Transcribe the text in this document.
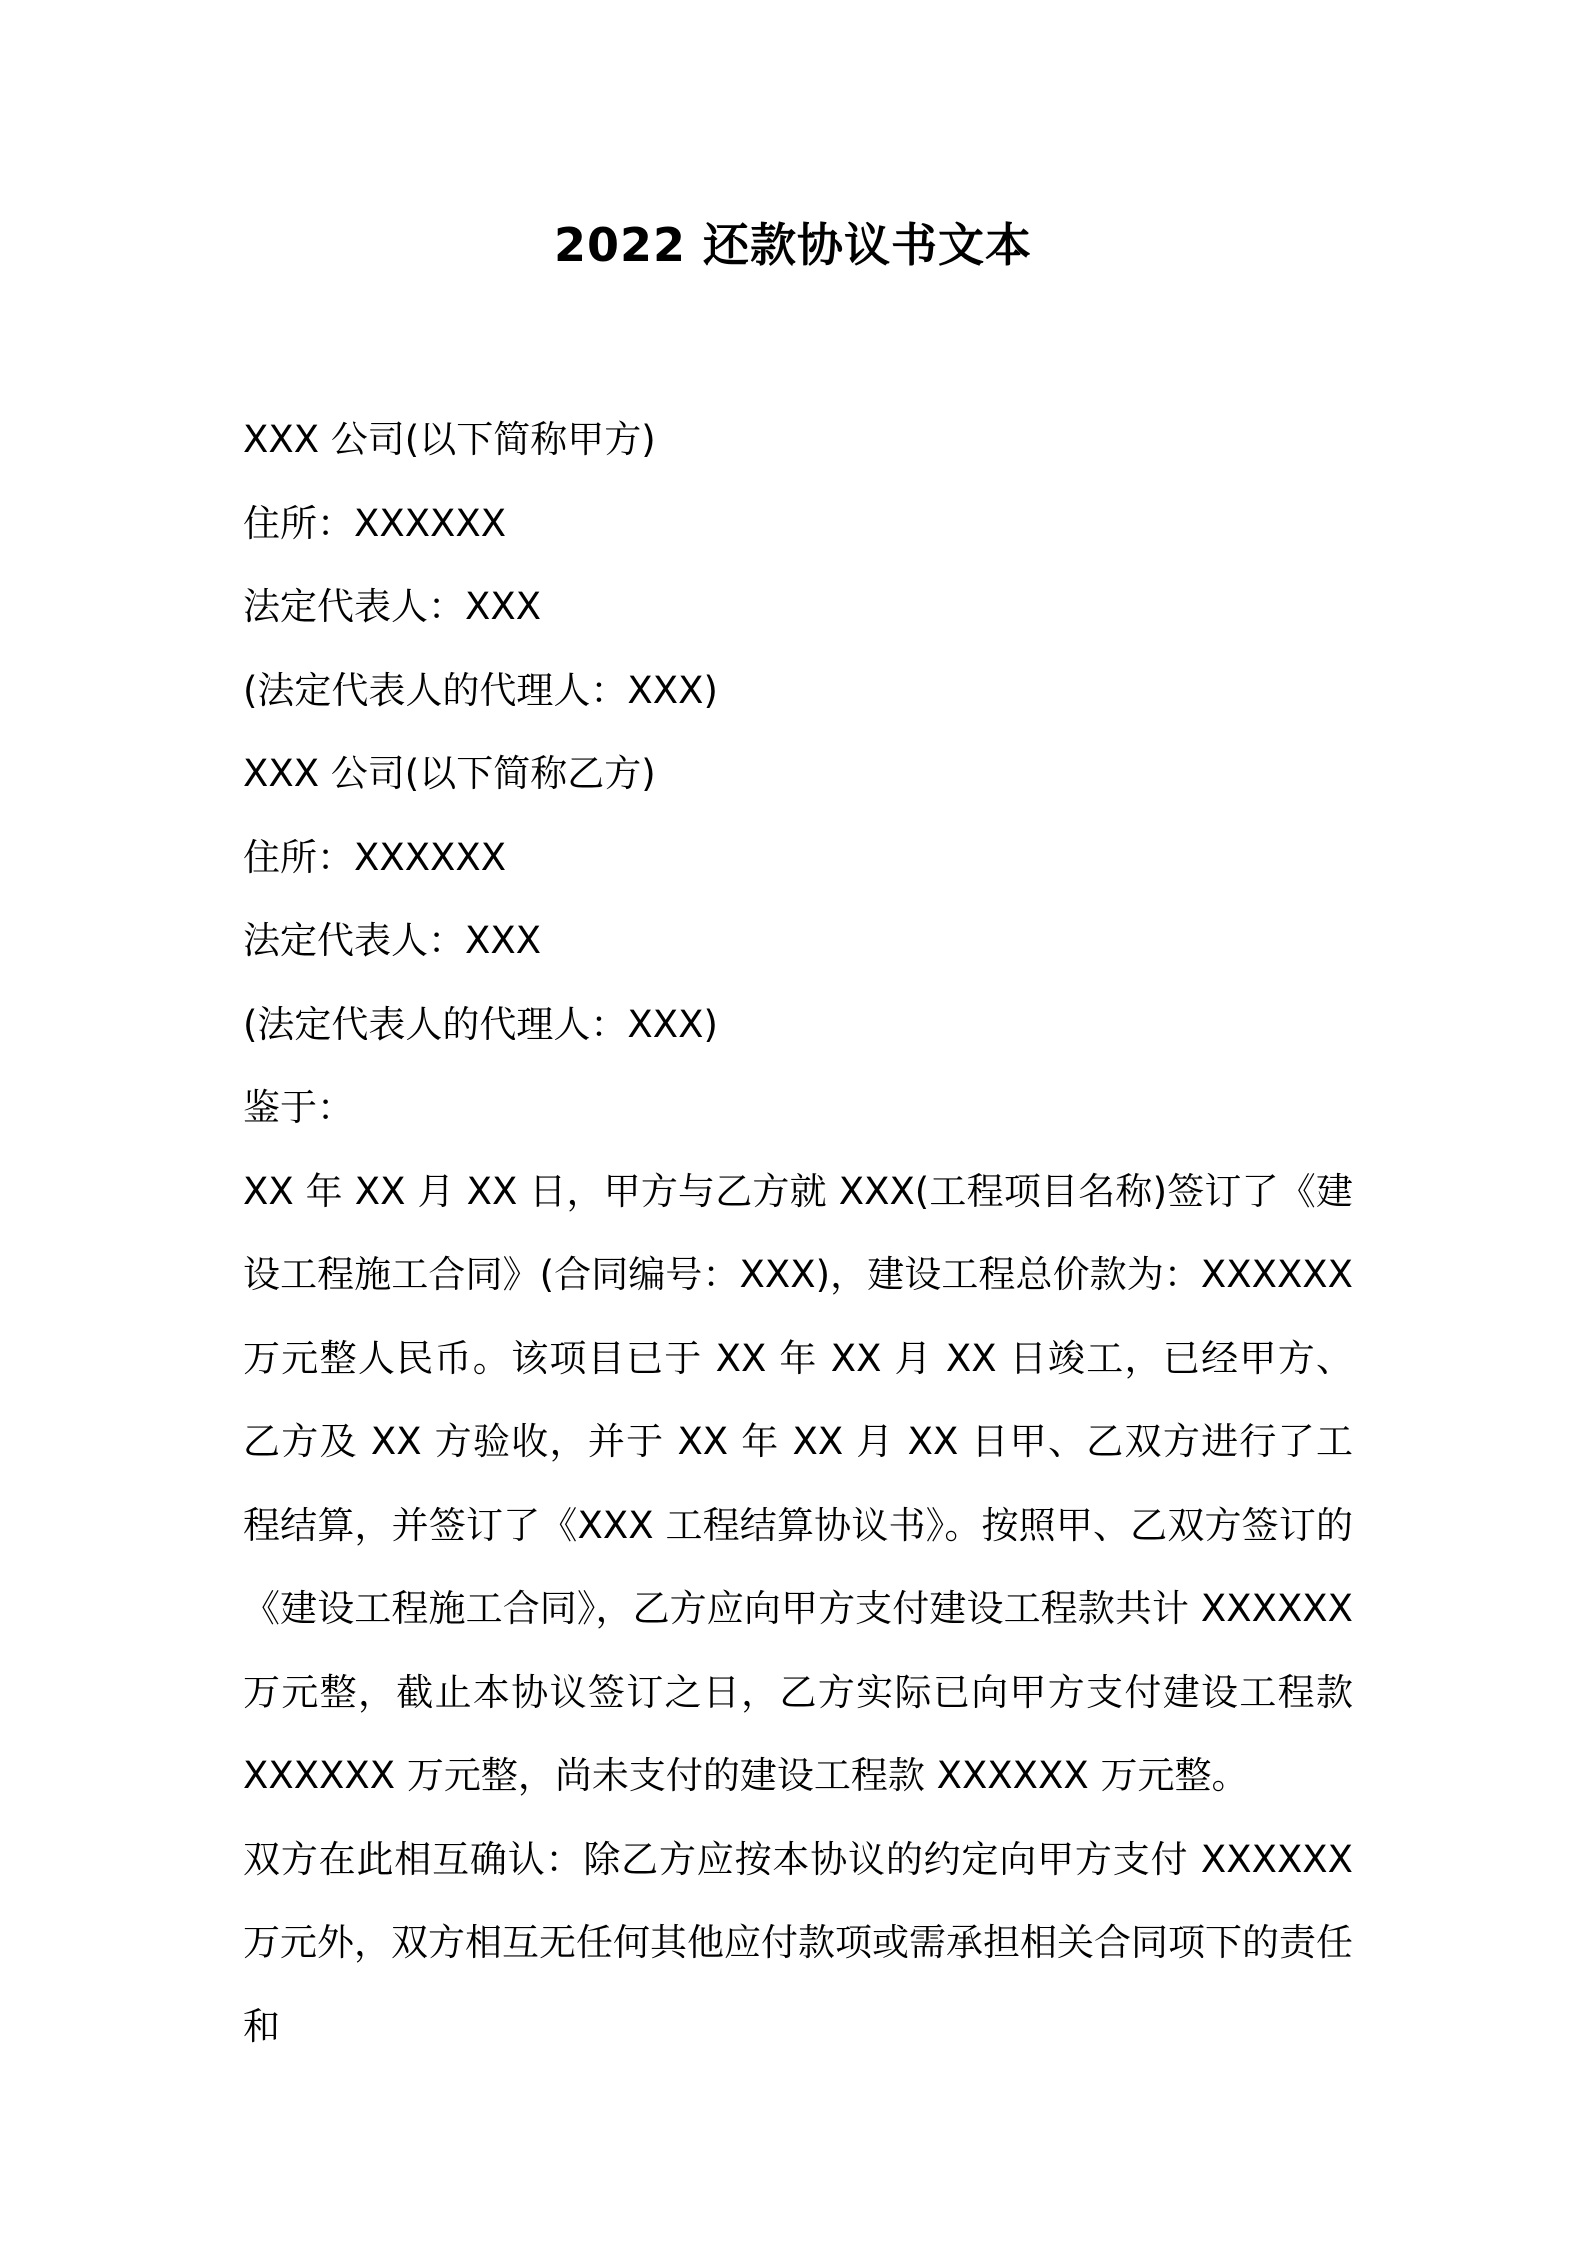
2022 还款协议书文本
XXX 公司(以下简称甲方)
住所：XXXXXX
法定代表人：XXX
(法定代表人的代理人：XXX)
XXX 公司(以下简称乙方)
住所：XXXXXX
法定代表人：XXX
(法定代表人的代理人：XXX)
鉴于：
XX 年 XX 月 XX 日，甲方与乙方就 XXX(工程项目名称)签订了《建设工程施工合同》(合同编号：XXX)，建设工程总价款为：XXXXXX 万元整人民币。该项目已于 XX 年 XX 月 XX 日竣工，已经甲方、乙方及 XX 方验收，并于 XX 年 XX 月 XX 日甲、乙双方进行了工程结算，并签订了《XXX 工程结算协议书》。按照甲、乙双方签订的《建设工程施工合同》，乙方应向甲方支付建设工程款共计 XXXXXX 万元整，截止本协议签订之日，乙方实际已向甲方支付建设工程款 XXXXXX 万元整，尚未支付的建设工程款 XXXXXX 万元整。
双方在此相互确认：除乙方应按本协议的约定向甲方支付 XXXXXX 万元外，双方相互无任何其他应付款项或需承担相关合同项下的责任和
